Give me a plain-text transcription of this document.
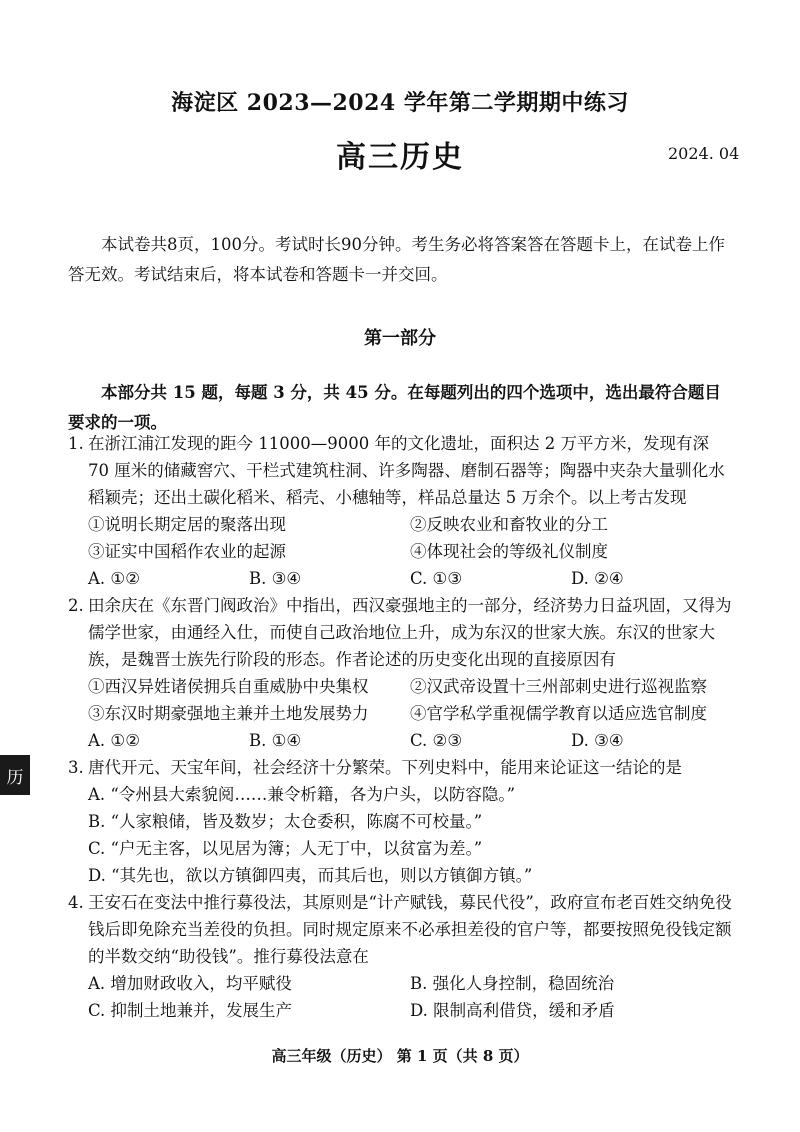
海淀区 2023—2024 学年第二学期期中练习
高三历史	2024. 04
本试卷共8页，100分。考试时长90分钟。考生务必将答案答在答题卡上，在试卷上作答无效。考试结束后，将本试卷和答题卡一并交回。
第一部分
本部分共 15 题，每题 3 分，共 45 分。在每题列出的四个选项中，选出最符合题目要求的一项。
1. 在浙江浦江发现的距今 11000—9000 年的文化遗址，面积达 2 万平方米，发现有深 70 厘米的储藏窖穴、干栏式建筑柱洞、许多陶器、磨制石器等；陶器中夹杂大量驯化水稻颖壳；还出土碳化稻米、稻壳、小穗轴等，样品总量达 5 万余个。以上考古发现
①说明长期定居的聚落出现	②反映农业和畜牧业的分工
③证实中国稻作农业的起源	④体现社会的等级礼仪制度
A. ①②	B. ③④	C. ①③	D. ②④
2. 田余庆在《东晋门阀政治》中指出，西汉豪强地主的一部分，经济势力日益巩固，又得为儒学世家，由通经入仕，而使自己政治地位上升，成为东汉的世家大族。东汉的世家大族，是魏晋士族先行阶段的形态。作者论述的历史变化出现的直接原因有
①西汉异姓诸侯拥兵自重威胁中央集权	②汉武帝设置十三州部刺史进行巡视监察
③东汉时期豪强地主兼并土地发展势力	④官学私学重视儒学教育以适应选官制度
A. ①②	B. ①④	C. ②③	D. ③④
3. 唐代开元、天宝年间，社会经济十分繁荣。下列史料中，能用来论证这一结论的是
A. “令州县大索貌阅……兼令析籍，各为户头，以防容隐。”
B. “人家粮储，皆及数岁；太仓委积，陈腐不可校量。”
C. “户无主客，以见居为簿；人无丁中，以贫富为差。”
D. “其先也，欲以方镇御四夷，而其后也，则以方镇御方镇。”
4. 王安石在变法中推行募役法，其原则是“计产赋钱，募民代役”，政府宣布老百姓交纳免役钱后即免除充当差役的负担。同时规定原来不必承担差役的官户等，都要按照免役钱定额的半数交纳“助役钱”。推行募役法意在
A. 增加财政收入，均平赋役	B. 强化人身控制，稳固统治
C. 抑制土地兼并，发展生产	D. 限制高利借贷，缓和矛盾
历
高三年级（历史） 第 1 页（共 8 页）
